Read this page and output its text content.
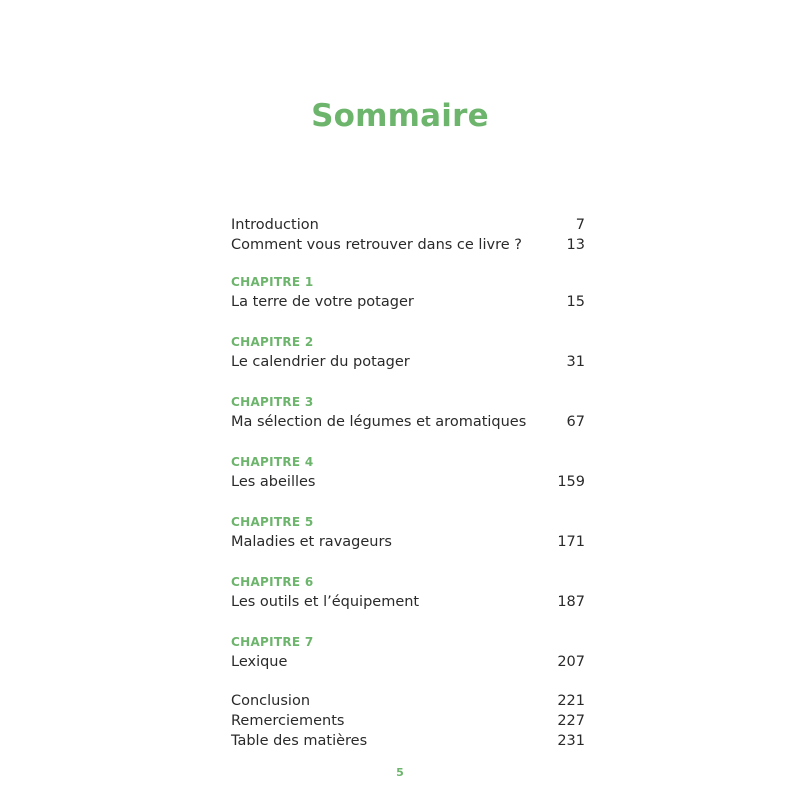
Sommaire
Introduction	7
Comment vous retrouver dans ce livre ?	13
CHAPITRE 1
La terre de votre potager	15
CHAPITRE 2
Le calendrier du potager	31
CHAPITRE 3
Ma sélection de légumes et aromatiques	67
CHAPITRE 4
Les abeilles	159
CHAPITRE 5
Maladies et ravageurs	171
CHAPITRE 6
Les outils et l’équipement	187
CHAPITRE 7
Lexique	207
Conclusion	221
Remerciements	227
Table des matières	231
5
